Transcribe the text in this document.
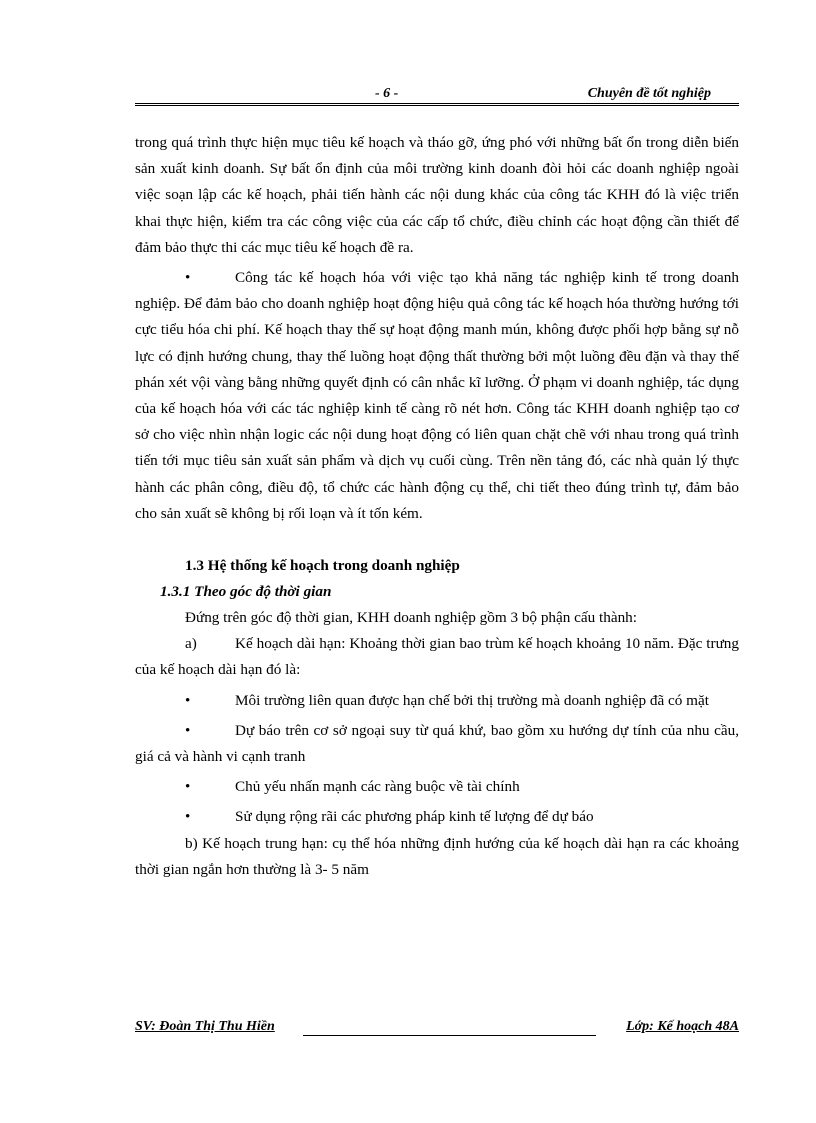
- 6 -	Chuyên đề tốt nghiệp

trong quá trình thực hiện mục tiêu kế hoạch và tháo gỡ, ứng phó với những bất ổn trong diễn biến sản xuất kinh doanh. Sự bất ổn định của môi trường kinh doanh đòi hỏi các doanh nghiệp ngoài việc soạn lập các kế hoạch, phải tiến hành các nội dung khác của công tác KHH đó là việc triển khai thực hiện, kiểm tra các công việc của các cấp tổ chức, điều chỉnh các hoạt động cần thiết để đảm bảo thực thi các mục tiêu kế hoạch đề ra.

•	Công tác kế hoạch hóa với việc tạo khả năng tác nghiệp kinh tế trong doanh nghiệp. Để đảm bảo cho doanh nghiệp hoạt động hiệu quả công tác kế hoạch hóa thường hướng tới cực tiểu hóa chi phí. Kế hoạch thay thế sự hoạt động manh mún, không được phối hợp bằng sự nỗ lực có định hướng chung, thay thế luồng hoạt động thất thường bởi một luồng đều đặn và thay thế phán xét vội vàng bằng những quyết định có cân nhắc kĩ lưỡng. Ở phạm vi doanh nghiệp, tác dụng của kế hoạch hóa với các tác nghiệp kinh tế càng rõ nét hơn. Công tác KHH doanh nghiệp tạo cơ sở cho việc nhìn nhận logic các nội dung hoạt động có liên quan chặt chẽ với nhau trong quá trình tiến tới mục tiêu sản xuất sản phẩm và dịch vụ cuối cùng. Trên nền tảng đó, các nhà quản lý thực hành các phân công, điều độ, tổ chức các hành động cụ thể, chi tiết theo đúng trình tự, đảm bảo cho sản xuất sẽ không bị rối loạn và ít tốn kém.

1.3 Hệ thống kế hoạch trong doanh nghiệp
1.3.1 Theo góc độ thời gian

Đứng trên góc độ thời gian, KHH doanh nghiệp gồm 3 bộ phận cấu thành:

a)	Kế hoạch dài hạn: Khoảng thời gian bao trùm kế hoạch khoảng 10 năm. Đặc trưng của kế hoạch dài hạn đó là:

•	Môi trường liên quan được hạn chế bởi thị trường mà doanh nghiệp đã có mặt

•	Dự báo trên cơ sở ngoại suy từ quá khứ, bao gồm xu hướng dự tính của nhu cầu, giá cả và hành vi cạnh tranh

•	Chủ yếu nhấn mạnh các ràng buộc về tài chính

•	Sử dụng rộng rãi các phương pháp kinh tế lượng để dự báo

b) Kế hoạch trung hạn: cụ thể hóa những định hướng của kế hoạch dài hạn ra các khoảng thời gian ngắn hơn thường là 3- 5 năm

SV: Đoàn Thị Thu Hiền	Lớp: Kế hoạch 48A
